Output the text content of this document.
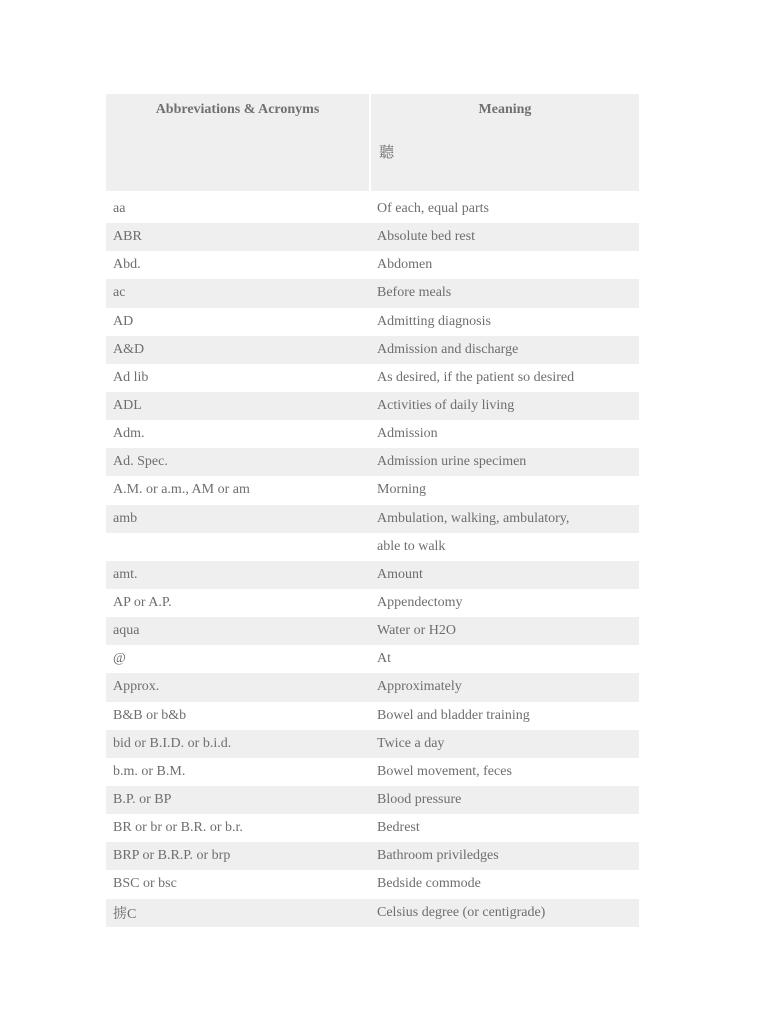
Abbreviations & Acronyms	Meaning
聽
aa	Of each, equal parts
ABR	Absolute bed rest
Abd.	Abdomen
ac	Before meals
AD	Admitting diagnosis
A&D	Admission and discharge
Ad lib	As desired, if the patient so desired
ADL	Activities of daily living
Adm.	Admission
Ad. Spec.	Admission urine specimen
A.M. or a.m., AM or am	Morning
amb	Ambulation, walking, ambulatory,
able to walk
amt.	Amount
AP or A.P.	Appendectomy
aqua	Water or H2O
@	At
Approx.	Approximately
B&B or b&b	Bowel and bladder training
bid or B.I.D. or b.i.d.	Twice a day
b.m. or B.M.	Bowel movement, feces
B.P. or BP	Blood pressure
BR or br or B.R. or b.r.	Bedrest
BRP or B.R.P. or brp	Bathroom priviledges
BSC or bsc	Bedside commode
掳C	Celsius degree (or centigrade)
